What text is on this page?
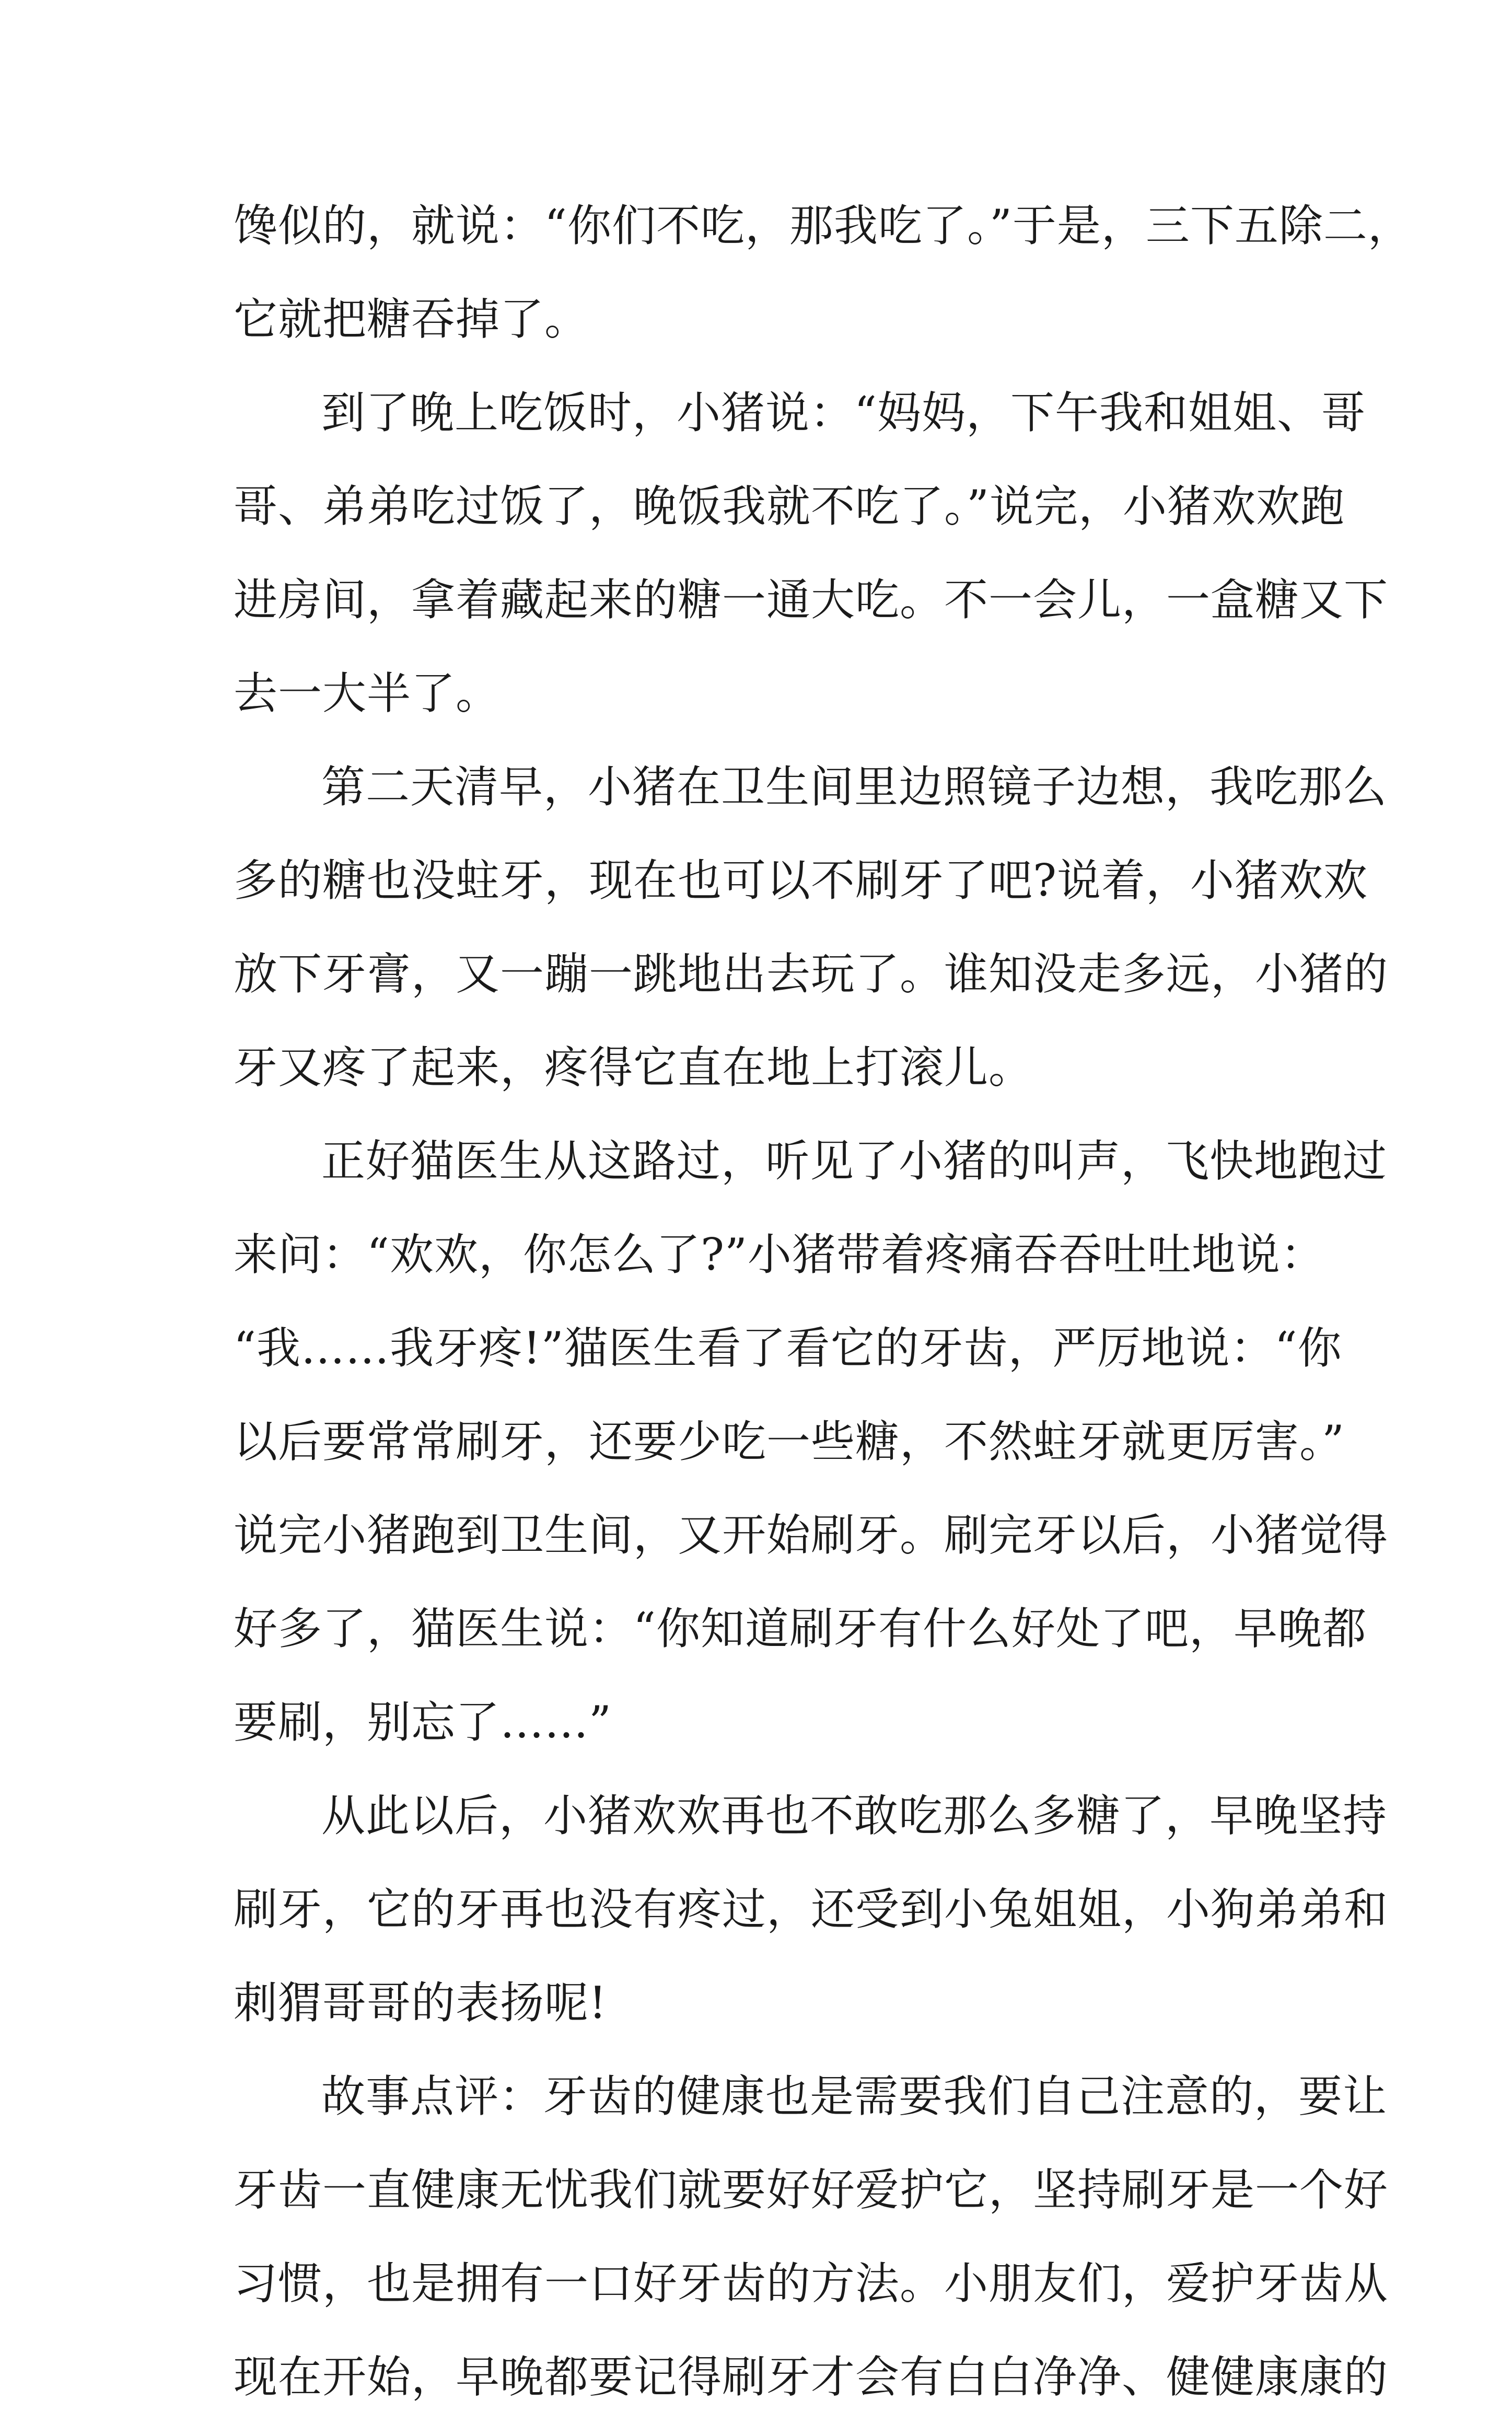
馋似的，就说：“你们不吃，那我吃了。”于是，三下五除二，
它就把糖吞掉了。
到了晚上吃饭时，小猪说：“妈妈，下午我和姐姐、哥
哥、弟弟吃过饭了，晚饭我就不吃了。”说完，小猪欢欢跑
进房间，拿着藏起来的糖一通大吃。不一会儿，一盒糖又下
去一大半了。
第二天清早，小猪在卫生间里边照镜子边想，我吃那么
多的糖也没蛀牙，现在也可以不刷牙了吧?说着，小猪欢欢
放下牙膏，又一蹦一跳地出去玩了。谁知没走多远，小猪的
牙又疼了起来，疼得它直在地上打滚儿。
正好猫医生从这路过，听见了小猪的叫声，飞快地跑过
来问：“欢欢，你怎么了?”小猪带着疼痛吞吞吐吐地说：
“我……我牙疼!”猫医生看了看它的牙齿，严厉地说：“你
以后要常常刷牙，还要少吃一些糖，不然蛀牙就更厉害。”
说完小猪跑到卫生间，又开始刷牙。刷完牙以后，小猪觉得
好多了，猫医生说：“你知道刷牙有什么好处了吧，早晚都
要刷，别忘了……”
从此以后，小猪欢欢再也不敢吃那么多糖了，早晚坚持
刷牙，它的牙再也没有疼过，还受到小兔姐姐，小狗弟弟和
刺猬哥哥的表扬呢!
故事点评：牙齿的健康也是需要我们自己注意的，要让
牙齿一直健康无忧我们就要好好爱护它，坚持刷牙是一个好
习惯，也是拥有一口好牙齿的方法。小朋友们，爱护牙齿从
现在开始，早晚都要记得刷牙才会有白白净净、健健康康的
